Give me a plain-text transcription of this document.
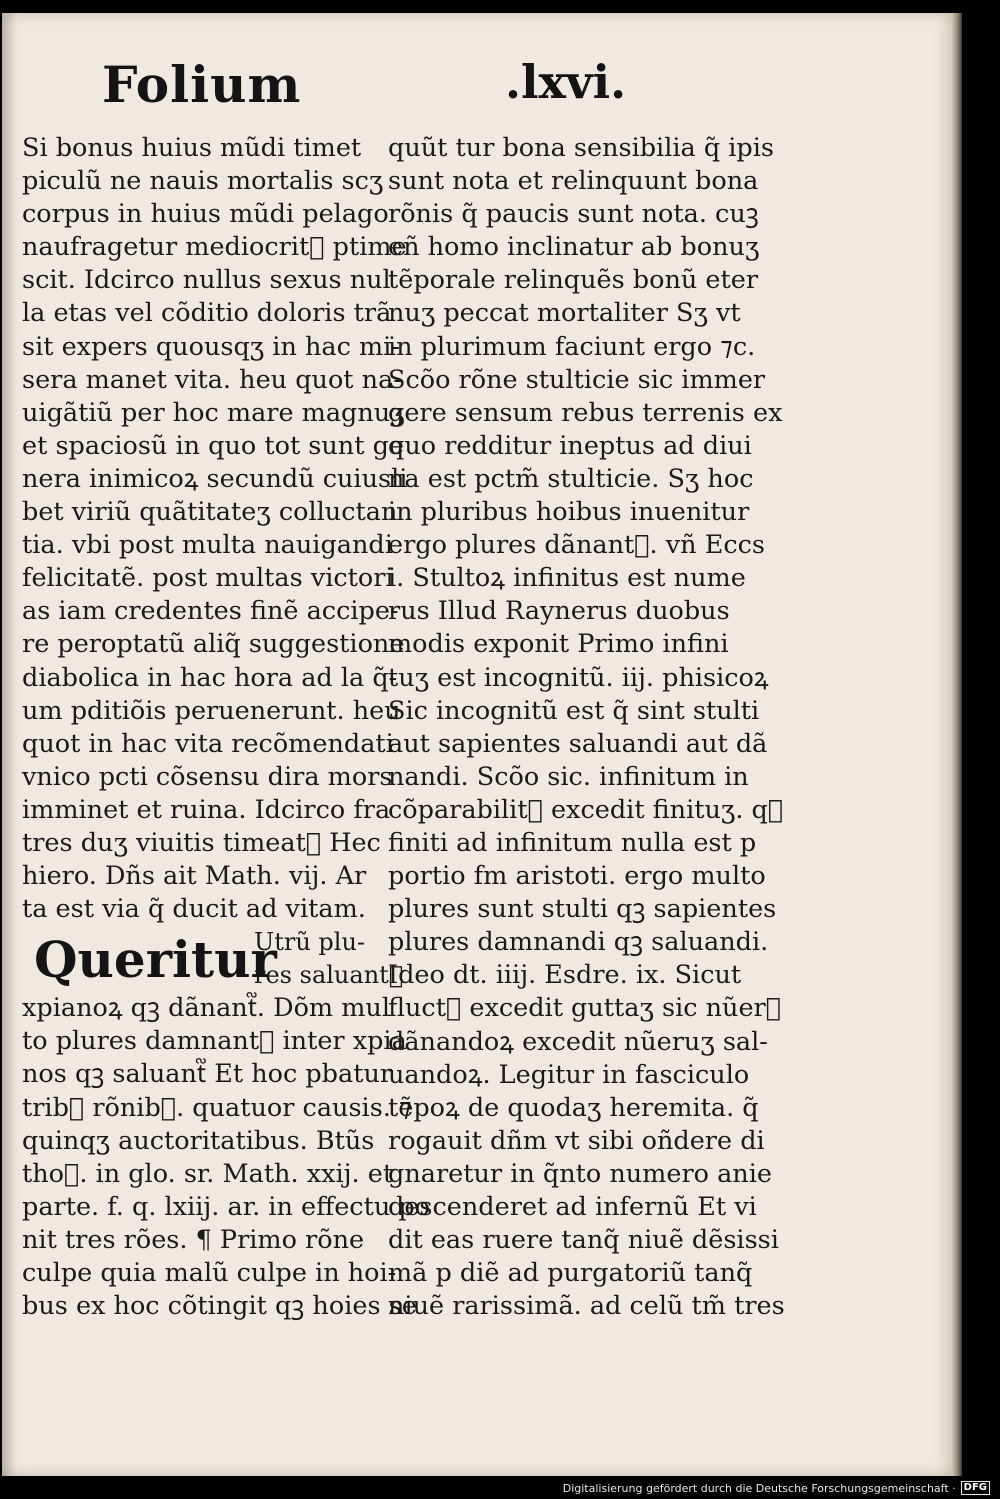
Folium	.lxvi.
Si bonus huius mũdi timet
piculũ ne nauis mortalis scʒ
corpus in huius mũdi pelago
naufragetur mediocrit᷑ ptime
scit. Idcirco nullus sexus nul
la etas vel cõditio doloris trã
sit expers quousqʒ in hac mi-
sera manet vita. heu quot na-
uigãtiũ per hoc mare magnuʒ
et spaciosũ in quo tot sunt ge
nera inimicoꝝ secundũ cuiusli
bet viriũ quãtitateʒ colluctan
tia. vbi post multa nauigandi
felicitatẽ. post multas victori
as iam credentes finẽ accipe-
re peroptatũ aliq̃ suggestione
diabolica in hac hora ad la q̃-
um pditiõis peruenerunt. heu
quot in hac vita recõmendati
vnico pcti cõsensu dira mors
imminet et ruina. Idcirco fra
tres duʒ viuitis timeat᷑ Hec
hiero. Dñs ait Math. vij. Ar
ta est via q̃ ducit ad vitam.
Queritur
Utrũ plu-
res saluant᷑
xpianoꝝ qꝫ dãnant᷑. Dõm mul
to plures damnant᷑ inter xpia
nos qꝫ saluant᷑ Et hoc pbatur
trib᷒ rõnib᷒. quatuor causis. ⁊
quinqʒ auctoritatibus. Btũs
tho᷑. in glo. sr. Math. xxij. et
parte. f. q. lxiij. ar. in effectu po
nit tres rões. ¶ Primo rõne
culpe quia malũ culpe in hoi-
bus ex hoc cõtingit qꝫ hoies se
quũt tur bona sensibilia q̃ ipis
sunt nota et relinquunt bona
rõnis q̃ paucis sunt nota. cuꝫ
eñ homo inclinatur ab bonuʒ
tẽporale relinquẽs bonũ eter
nuʒ peccat mortaliter Sʒ vt
in plurimum faciunt ergo ⁊c.
Scõo rõne stulticie sic immer
gere sensum rebus terrenis ex
quo redditur ineptus ad diui
na est pctm̃ stulticie. Sʒ hoc
in pluribus hoibus inuenitur
ergo plures dãnant᷑. vñ Eccs
i. Stultoꝝ infinitus est nume
rus Illud Raynerus duobus
modis exponit Primo infini
tuʒ est incognitũ. iij. phisicoꝝ
Sic incognitũ est q̃ sint stulti
aut sapientes saluandi aut dã
nandi. Scõo sic. infinitum in
cõparabilit᷑ excedit finituʒ. qꝛ
finiti ad infinitum nulla est p
portio fm aristoti. ergo multo
plures sunt stulti qꝫ sapientes
plures damnandi qꝫ saluandi.
Ideo dt. iiij. Esdre. ix. Sicut
fluct᷒ excedit guttaʒ sic nũer᷒
dãnandoꝝ excedit nũeruʒ sal-
uandoꝝ. Legitur in fasciculo
tẽpoꝝ de quodaʒ heremita. q̃
rogauit dñm vt sibi oñdere di
gnaretur in q̃nto numero anie
descenderet ad infernũ Et vi
dit eas ruere tanq̃ niuẽ dẽsissi
mã p diẽ ad purgatoriũ tanq̃
niuẽ rarissimã. ad celũ tm̃ tres
Digitalisierung gefördert durch die Deutsche Forschungsgemeinschaft · DFG
